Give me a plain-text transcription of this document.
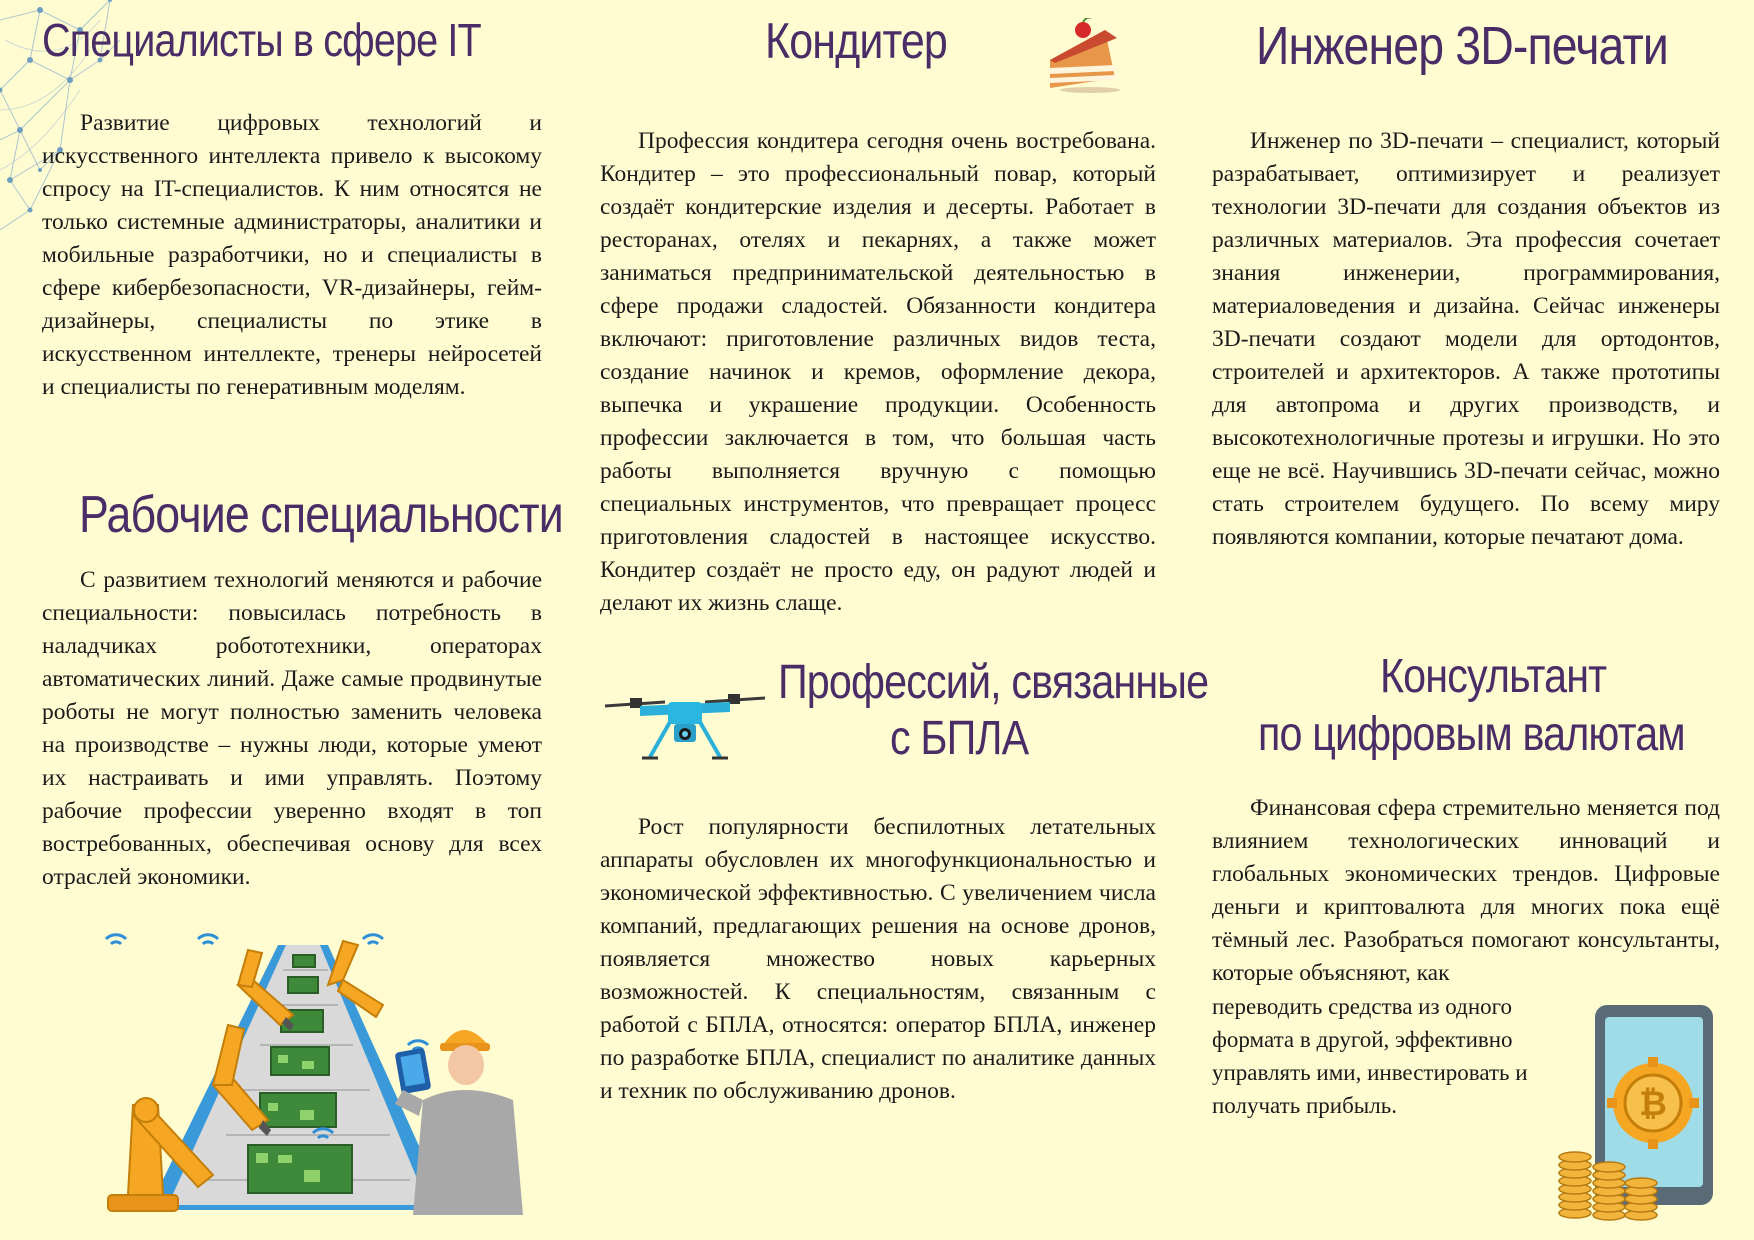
Специалисты в сфере IT

Развитие цифровых технологий и искусственного интеллекта привело к высокому спросу на IT-специалистов. К ним относятся не только системные администраторы, аналитики и мобильные разработчики, но и специалисты в сфере кибербезопасности, VR-дизайнеры, гейм-дизайнеры, специалисты по этике в искусственном интеллекте, тренеры нейросетей и специалисты по генеративным моделям.

Рабочие специальности

С развитием технологий меняются и рабочие специальности: повысилась потребность в наладчиках робототехники, операторах автоматических линий. Даже самые продвинутые роботы не могут полностью заменить человека на производстве – нужны люди, которые умеют их настраивать и ими управлять. Поэтому рабочие профессии уверенно входят в топ востребованных, обеспечивая основу для всех отраслей экономики.

Кондитер

Профессия кондитера сегодня очень востребована. Кондитер – это профессиональный повар, который создаёт кондитерские изделия и десерты. Работает в ресторанах, отелях и пекарнях, а также может заниматься предпринимательской деятельностью в сфере продажи сладостей. Обязанности кондитера включают: приготовление различных видов теста, создание начинок и кремов, оформление декора, выпечка и украшение продукции. Особенность профессии заключается в том, что большая часть работы выполняется вручную с помощью специальных инструментов, что превращает процесс приготовления сладостей в настоящее искусство. Кондитер создаёт не просто еду, он радуют людей и делают их жизнь слаще.

Профессий, связанные
с БПЛА

Рост популярности беспилотных летательных аппараты обусловлен их многофункциональностью и экономической эффективностью. С увеличением числа компаний, предлагающих решения на основе дронов, появляется множество новых карьерных возможностей. К специальностям, связанным с работой с БПЛА, относятся: оператор БПЛА, инженер по разработке БПЛА, специалист по аналитике данных и техник по обслуживанию дронов.

Инженер 3D-печати

Инженер по 3D-печати – специалист, который разрабатывает, оптимизирует и реализует технологии 3D-печати для создания объектов из различных материалов. Эта профессия сочетает знания инженерии, программирования, материаловедения и дизайна. Сейчас инженеры 3D-печати создают модели для ортодонтов, строителей и архитекторов. А также прототипы для автопрома и других производств, и высокотехнологичные протезы и игрушки. Но это еще не всё. Научившись 3D-печати сейчас, можно стать строителем будущего. По всему миру появляются компании, которые печатают дома.

Консультант
по цифровым валютам

Финансовая сфера стремительно меняется под влиянием технологических инноваций и глобальных экономических трендов. Цифровые деньги и криптовалюта для многих пока ещё тёмный лес. Разобраться помогают консультанты, которые объясняют, как

переводить средства из одного формата в другой, эффективно управлять ими, инвестировать и получать прибыль.	₿
